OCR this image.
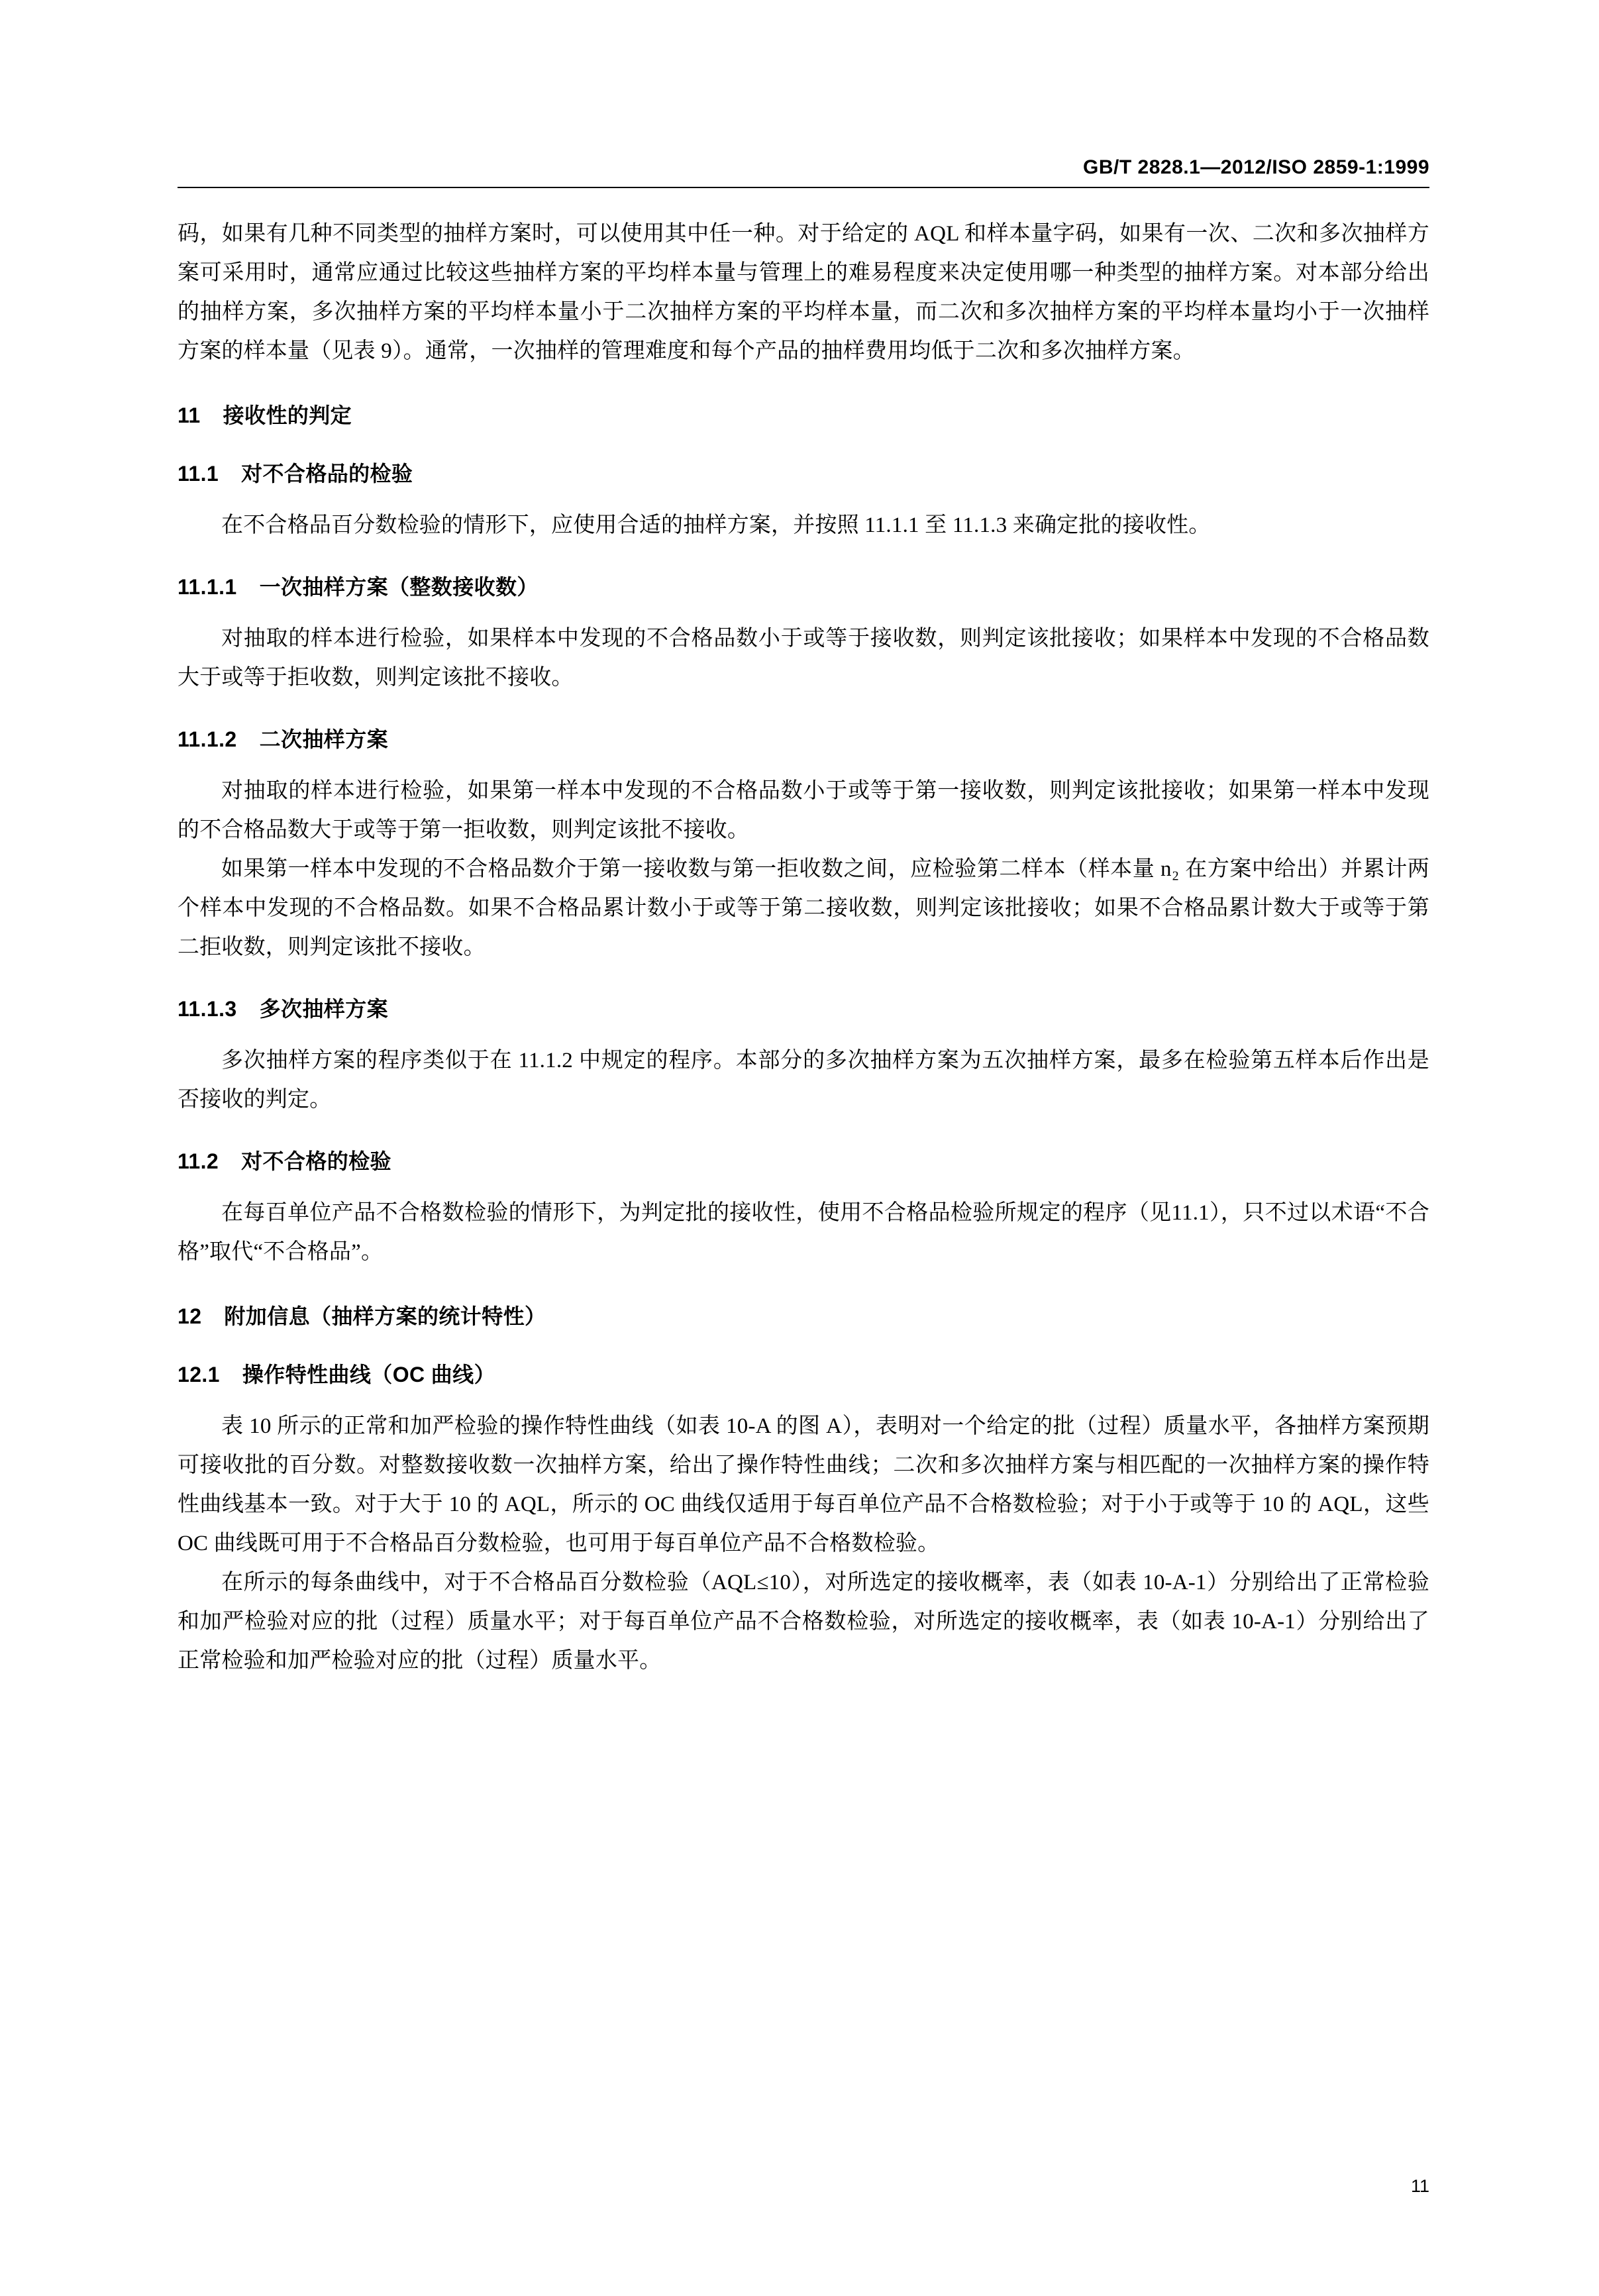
GB/T 2828.1—2012/ISO 2859-1:1999

码，如果有几种不同类型的抽样方案时，可以使用其中任一种。对于给定的 AQL 和样本量字码，如果有一次、二次和多次抽样方案可采用时，通常应通过比较这些抽样方案的平均样本量与管理上的难易程度来决定使用哪一种类型的抽样方案。对本部分给出的抽样方案，多次抽样方案的平均样本量小于二次抽样方案的平均样本量，而二次和多次抽样方案的平均样本量均小于一次抽样方案的样本量（见表 9）。通常，一次抽样的管理难度和每个产品的抽样费用均低于二次和多次抽样方案。

11 接收性的判定
11.1 对不合格品的检验

在不合格品百分数检验的情形下，应使用合适的抽样方案，并按照 11.1.1 至 11.1.3 来确定批的接收性。

11.1.1 一次抽样方案（整数接收数）

对抽取的样本进行检验，如果样本中发现的不合格品数小于或等于接收数，则判定该批接收；如果样本中发现的不合格品数大于或等于拒收数，则判定该批不接收。

11.1.2 二次抽样方案

对抽取的样本进行检验，如果第一样本中发现的不合格品数小于或等于第一接收数，则判定该批接收；如果第一样本中发现的不合格品数大于或等于第一拒收数，则判定该批不接收。

如果第一样本中发现的不合格品数介于第一接收数与第一拒收数之间，应检验第二样本（样本量 n₂ 在方案中给出）并累计两个样本中发现的不合格品数。如果不合格品累计数小于或等于第二接收数，则判定该批接收；如果不合格品累计数大于或等于第二拒收数，则判定该批不接收。

11.1.3 多次抽样方案

多次抽样方案的程序类似于在 11.1.2 中规定的程序。本部分的多次抽样方案为五次抽样方案，最多在检验第五样本后作出是否接收的判定。

11.2 对不合格的检验

在每百单位产品不合格数检验的情形下，为判定批的接收性，使用不合格品检验所规定的程序（见11.1），只不过以术语“不合格”取代“不合格品”。

12 附加信息（抽样方案的统计特性）
12.1 操作特性曲线（OC 曲线）

表 10 所示的正常和加严检验的操作特性曲线（如表 10-A 的图 A），表明对一个给定的批（过程）质量水平，各抽样方案预期可接收批的百分数。对整数接收数一次抽样方案，给出了操作特性曲线；二次和多次抽样方案与相匹配的一次抽样方案的操作特性曲线基本一致。对于大于 10 的 AQL，所示的 OC 曲线仅适用于每百单位产品不合格数检验；对于小于或等于 10 的 AQL，这些 OC 曲线既可用于不合格品百分数检验，也可用于每百单位产品不合格数检验。

在所示的每条曲线中，对于不合格品百分数检验（AQL≤10），对所选定的接收概率，表（如表 10-A-1）分别给出了正常检验和加严检验对应的批（过程）质量水平；对于每百单位产品不合格数检验，对所选定的接收概率，表（如表 10-A-1）分别给出了正常检验和加严检验对应的批（过程）质量水平。

11
